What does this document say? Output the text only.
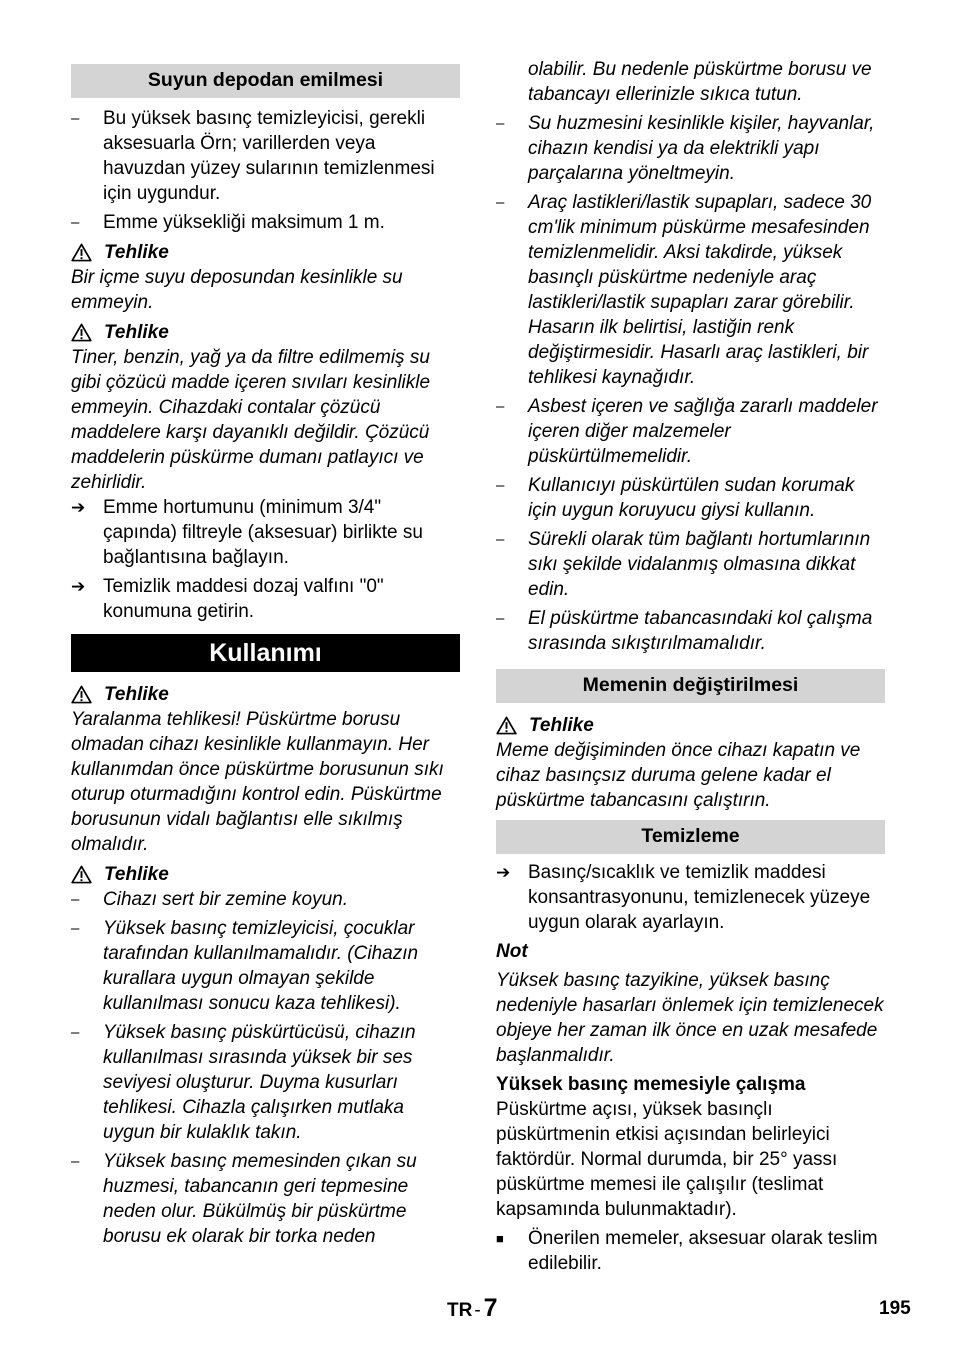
Suyun depodan emilmesi
–	Bu yüksek basınç temizleyicisi, gerekli aksesuarla Örn; varillerden veya havuzdan yüzey sularının temizlenmesi için uygundur.
–	Emme yüksekliği maksimum 1 m.
Tehlike
Bir içme suyu deposundan kesinlikle su emmeyin.
Tehlike
Tiner, benzin, yağ ya da filtre edilmemiş su gibi çözücü madde içeren sıvıları kesinlikle emmeyin. Cihazdaki contalar çözücü maddelere karşı dayanıklı değildir. Çözücü maddelerin püskürme dumanı patlayıcı ve zehirlidir.
➔ Emme hortumunu (minimum 3/4" çapında) filtreyle (aksesuar) birlikte su bağlantısına bağlayın.
➔ Temizlik maddesi dozaj valfını "0" konumuna getirin.
Kullanımı
Tehlike
Yaralanma tehlikesi! Püskürtme borusu olmadan cihazı kesinlikle kullanmayın. Her kullanımdan önce püskürtme borusunun sıkı oturup oturmadığını kontrol edin. Püskürtme borusunun vidalı bağlantısı elle sıkılmış olmalıdır.
Tehlike
–	Cihazı sert bir zemine koyun.
–	Yüksek basınç temizleyicisi, çocuklar tarafından kullanılmamalıdır. (Cihazın kurallara uygun olmayan şekilde kullanılması sonucu kaza tehlikesi).
–	Yüksek basınç püskürtücüsü, cihazın kullanılması sırasında yüksek bir ses seviyesi oluşturur. Duyma kusurları tehlikesi. Cihazla çalışırken mutlaka uygun bir kulaklık takın.
–	Yüksek basınç memesinden çıkan su huzmesi, tabancanın geri tepmesine neden olur. Bükülmüş bir püskürtme borusu ek olarak bir torka neden
olabilir. Bu nedenle püskürtme borusu ve tabancayı ellerinizle sıkıca tutun.
–	Su huzmesini kesinlikle kişiler, hayvanlar, cihazın kendisi ya da elektrikli yapı parçalarına yöneltmeyin.
–	Araç lastikleri/lastik supapları, sadece 30 cm'lik minimum püskürme mesafesinden temizlenmelidir. Aksi takdirde, yüksek basınçlı püskürtme nedeniyle araç lastikleri/lastik supapları zarar görebilir. Hasarın ilk belirtisi, lastiğin renk değiştirmesidir. Hasarlı araç lastikleri, bir tehlikesi kaynağıdır.
–	Asbest içeren ve sağlığa zararlı maddeler içeren diğer malzemeler püskürtülmemelidir.
–	Kullanıcıyı püskürtülen sudan korumak için uygun koruyucu giysi kullanın.
–	Sürekli olarak tüm bağlantı hortumlarının sıkı şekilde vidalanmış olmasına dikkat edin.
–	El püskürtme tabancasındaki kol çalışma sırasında sıkıştırılmamalıdır.
Memenin değiştirilmesi
Tehlike
Meme değişiminden önce cihazı kapatın ve cihaz basınçsız duruma gelene kadar el püskürtme tabancasını çalıştırın.
Temizleme
➔ Basınç/sıcaklık ve temizlik maddesi konsantrasyonunu, temizlenecek yüzeye uygun olarak ayarlayın.
Not
Yüksek basınç tazyikine, yüksek basınç nedeniyle hasarları önlemek için temizlenecek objeye her zaman ilk önce en uzak mesafede başlanmalıdır.
Yüksek basınç memesiyle çalışma
Püskürtme açısı, yüksek basınçlı püskürtmenin etkisi açısından belirleyici faktördür. Normal durumda, bir 25° yassı püskürtme memesi ile çalışılır (teslimat kapsamında bulunmaktadır).
■	Önerilen memeler, aksesuar olarak teslim edilebilir.
TR - 7	195
